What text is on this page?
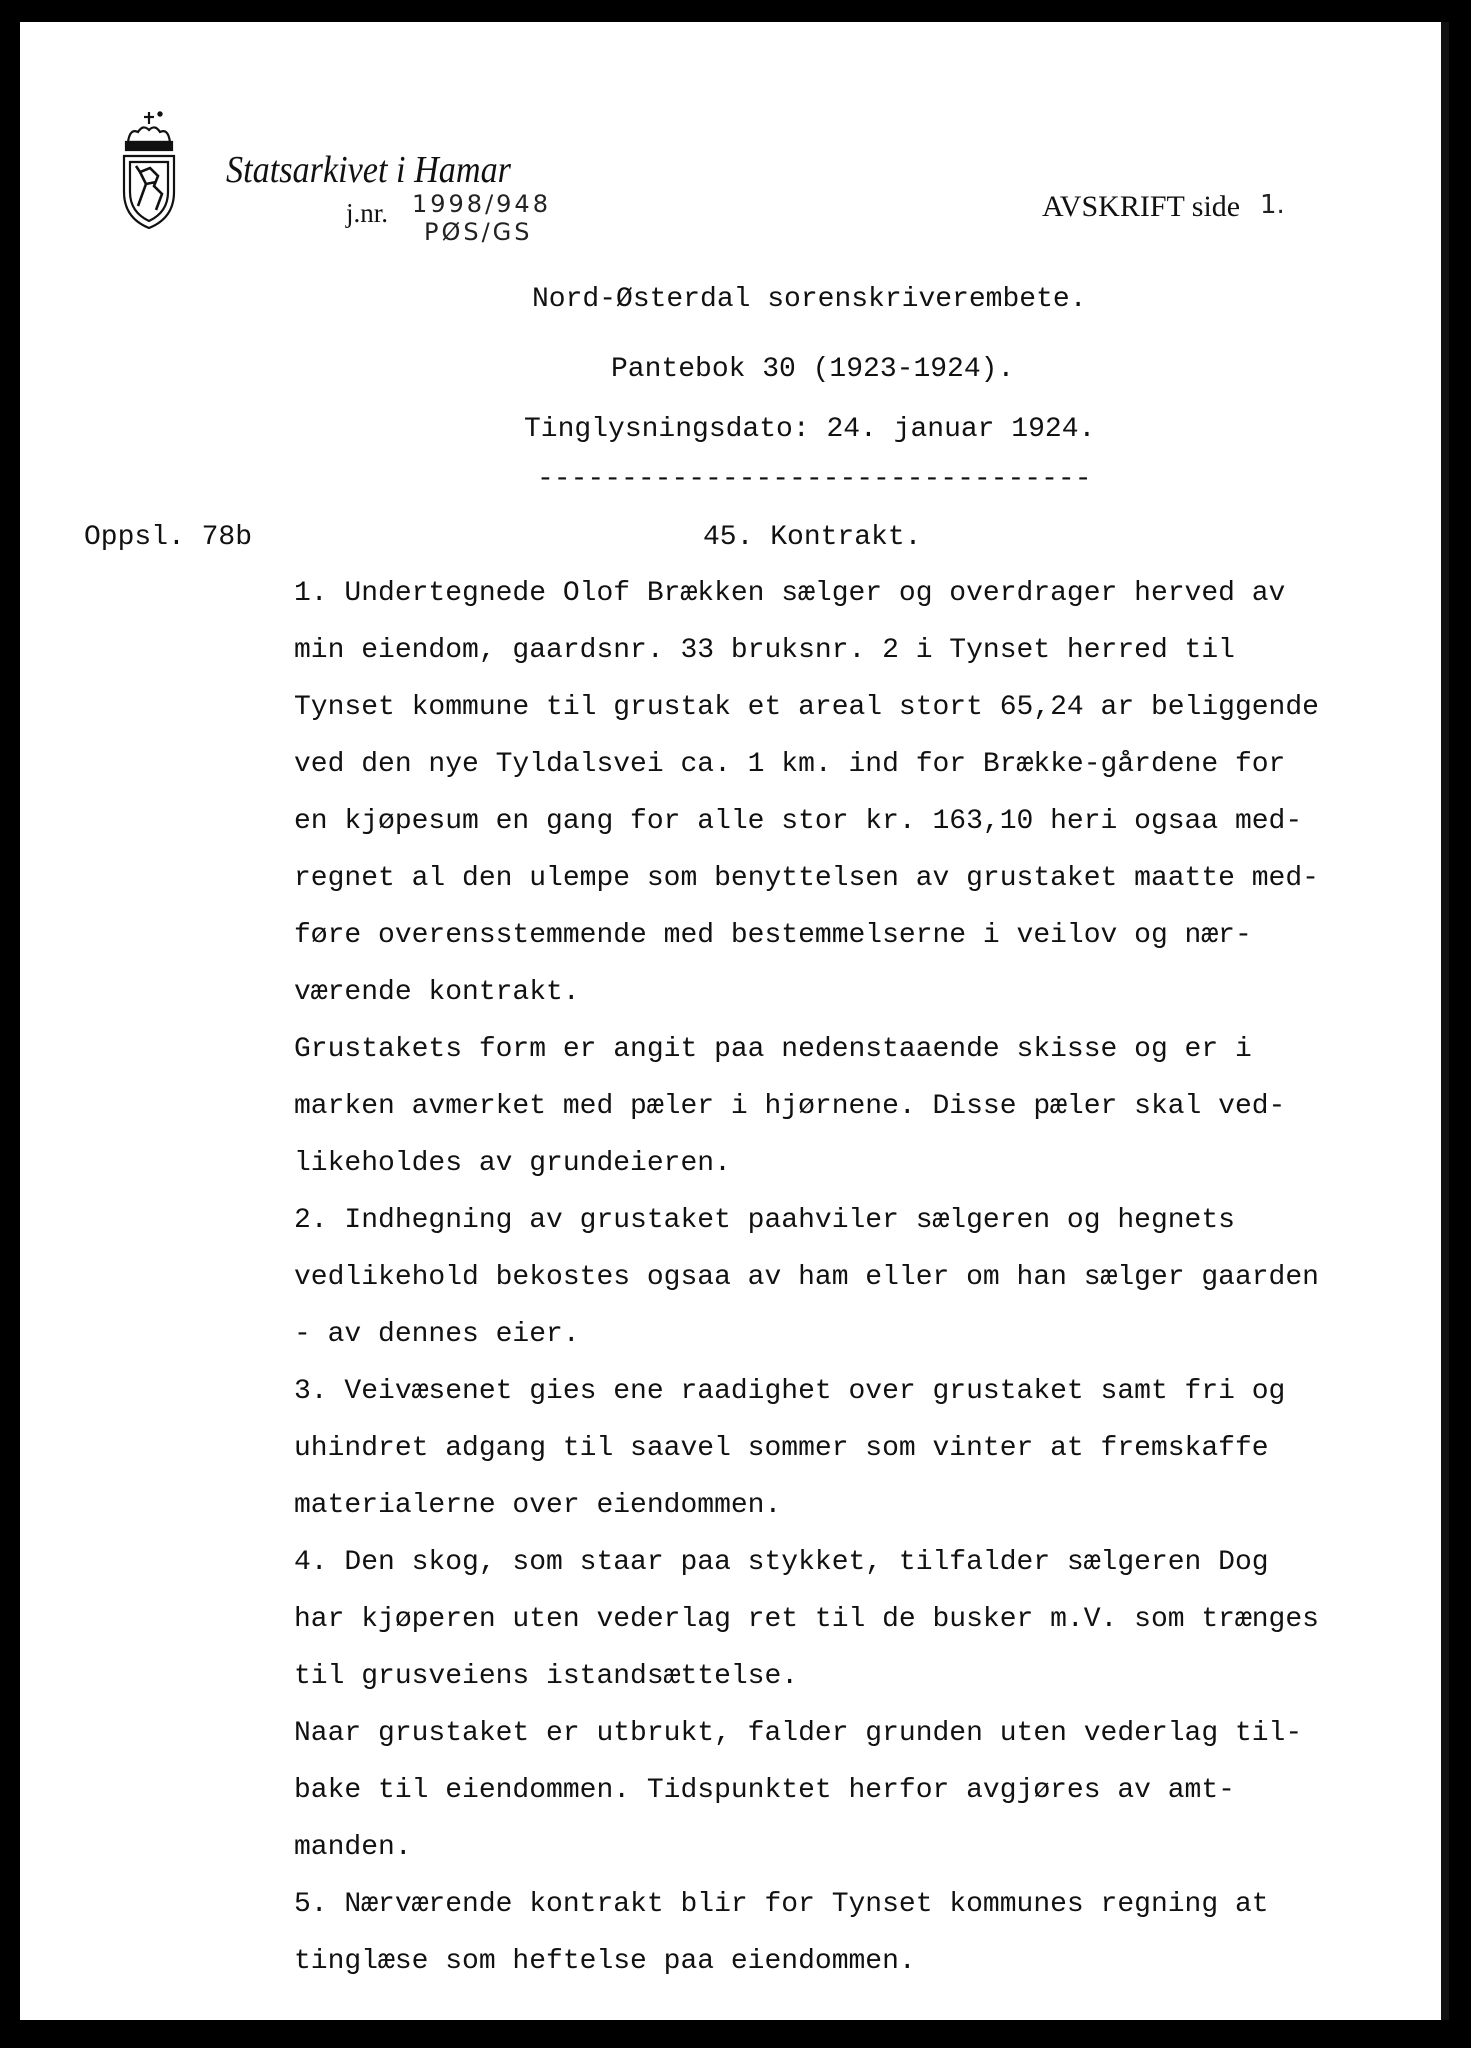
Statsarkivet i Hamar
j.nr. 1998/948
PØS/GS
AVSKRIFT side 1.
Nord-Østerdal sorenskriverembete.
Pantebok 30 (1923-1924).
Tinglysningsdato: 24. januar 1924.
---------------------------------
Oppsl. 78b	45. Kontrakt.
1. Undertegnede Olof Brækken sælger og overdrager herved av
min eiendom, gaardsnr. 33 bruksnr. 2 i Tynset herred til
Tynset kommune til grustak et areal stort 65,24 ar beliggende
ved den nye Tyldalsvei ca. 1 km. ind for Brække-gårdene for
en kjøpesum en gang for alle stor kr. 163,10 heri ogsaa med-
regnet al den ulempe som benyttelsen av grustaket maatte med-
føre overensstemmende med bestemmelserne i veilov og nær-
værende kontrakt.
Grustakets form er angit paa nedenstaaende skisse og er i
marken avmerket med pæler i hjørnene. Disse pæler skal ved-
likeholdes av grundeieren.
2. Indhegning av grustaket paahviler sælgeren og hegnets
vedlikehold bekostes ogsaa av ham eller om han sælger gaarden
- av dennes eier.
3. Veivæsenet gies ene raadighet over grustaket samt fri og
uhindret adgang til saavel sommer som vinter at fremskaffe
materialerne over eiendommen.
4. Den skog, som staar paa stykket, tilfalder sælgeren Dog
har kjøperen uten vederlag ret til de busker m.V. som trænges
til grusveiens istandsættelse.
Naar grustaket er utbrukt, falder grunden uten vederlag til-
bake til eiendommen. Tidspunktet herfor avgjøres av amt-
manden.
5. Nærværende kontrakt blir for Tynset kommunes regning at
tinglæse som heftelse paa eiendommen.
